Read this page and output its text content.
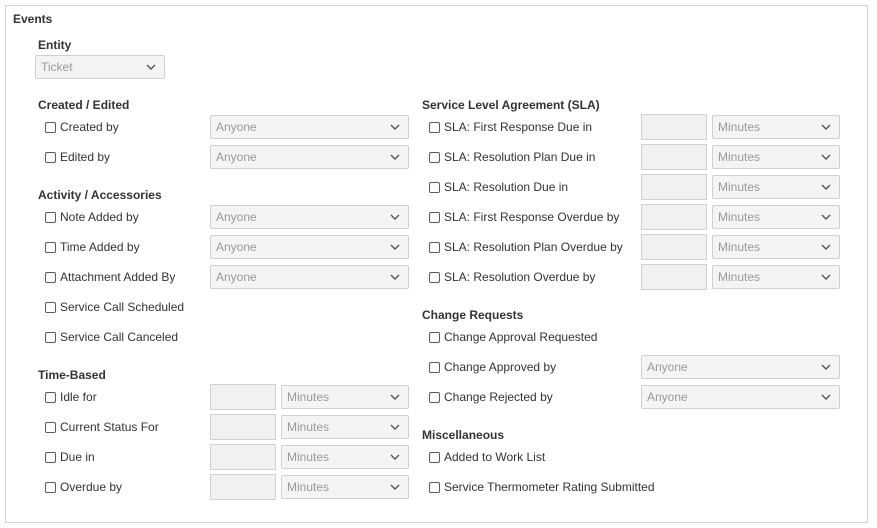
Events
Entity
Ticket
Created / Edited
Created by	Anyone
Edited by	Anyone
Activity / Accessories
Note Added by	Anyone
Time Added by	Anyone
Attachment Added By	Anyone
Service Call Scheduled
Service Call Canceled
Time-Based
Idle for	Minutes
Current Status For	Minutes
Due in	Minutes
Overdue by	Minutes
Service Level Agreement (SLA)
SLA: First Response Due in	Minutes
SLA: Resolution Plan Due in	Minutes
SLA: Resolution Due in	Minutes
SLA: First Response Overdue by	Minutes
SLA: Resolution Plan Overdue by	Minutes
SLA: Resolution Overdue by	Minutes
Change Requests
Change Approval Requested
Change Approved by	Anyone
Change Rejected by	Anyone
Miscellaneous
Added to Work List
Service Thermometer Rating Submitted
